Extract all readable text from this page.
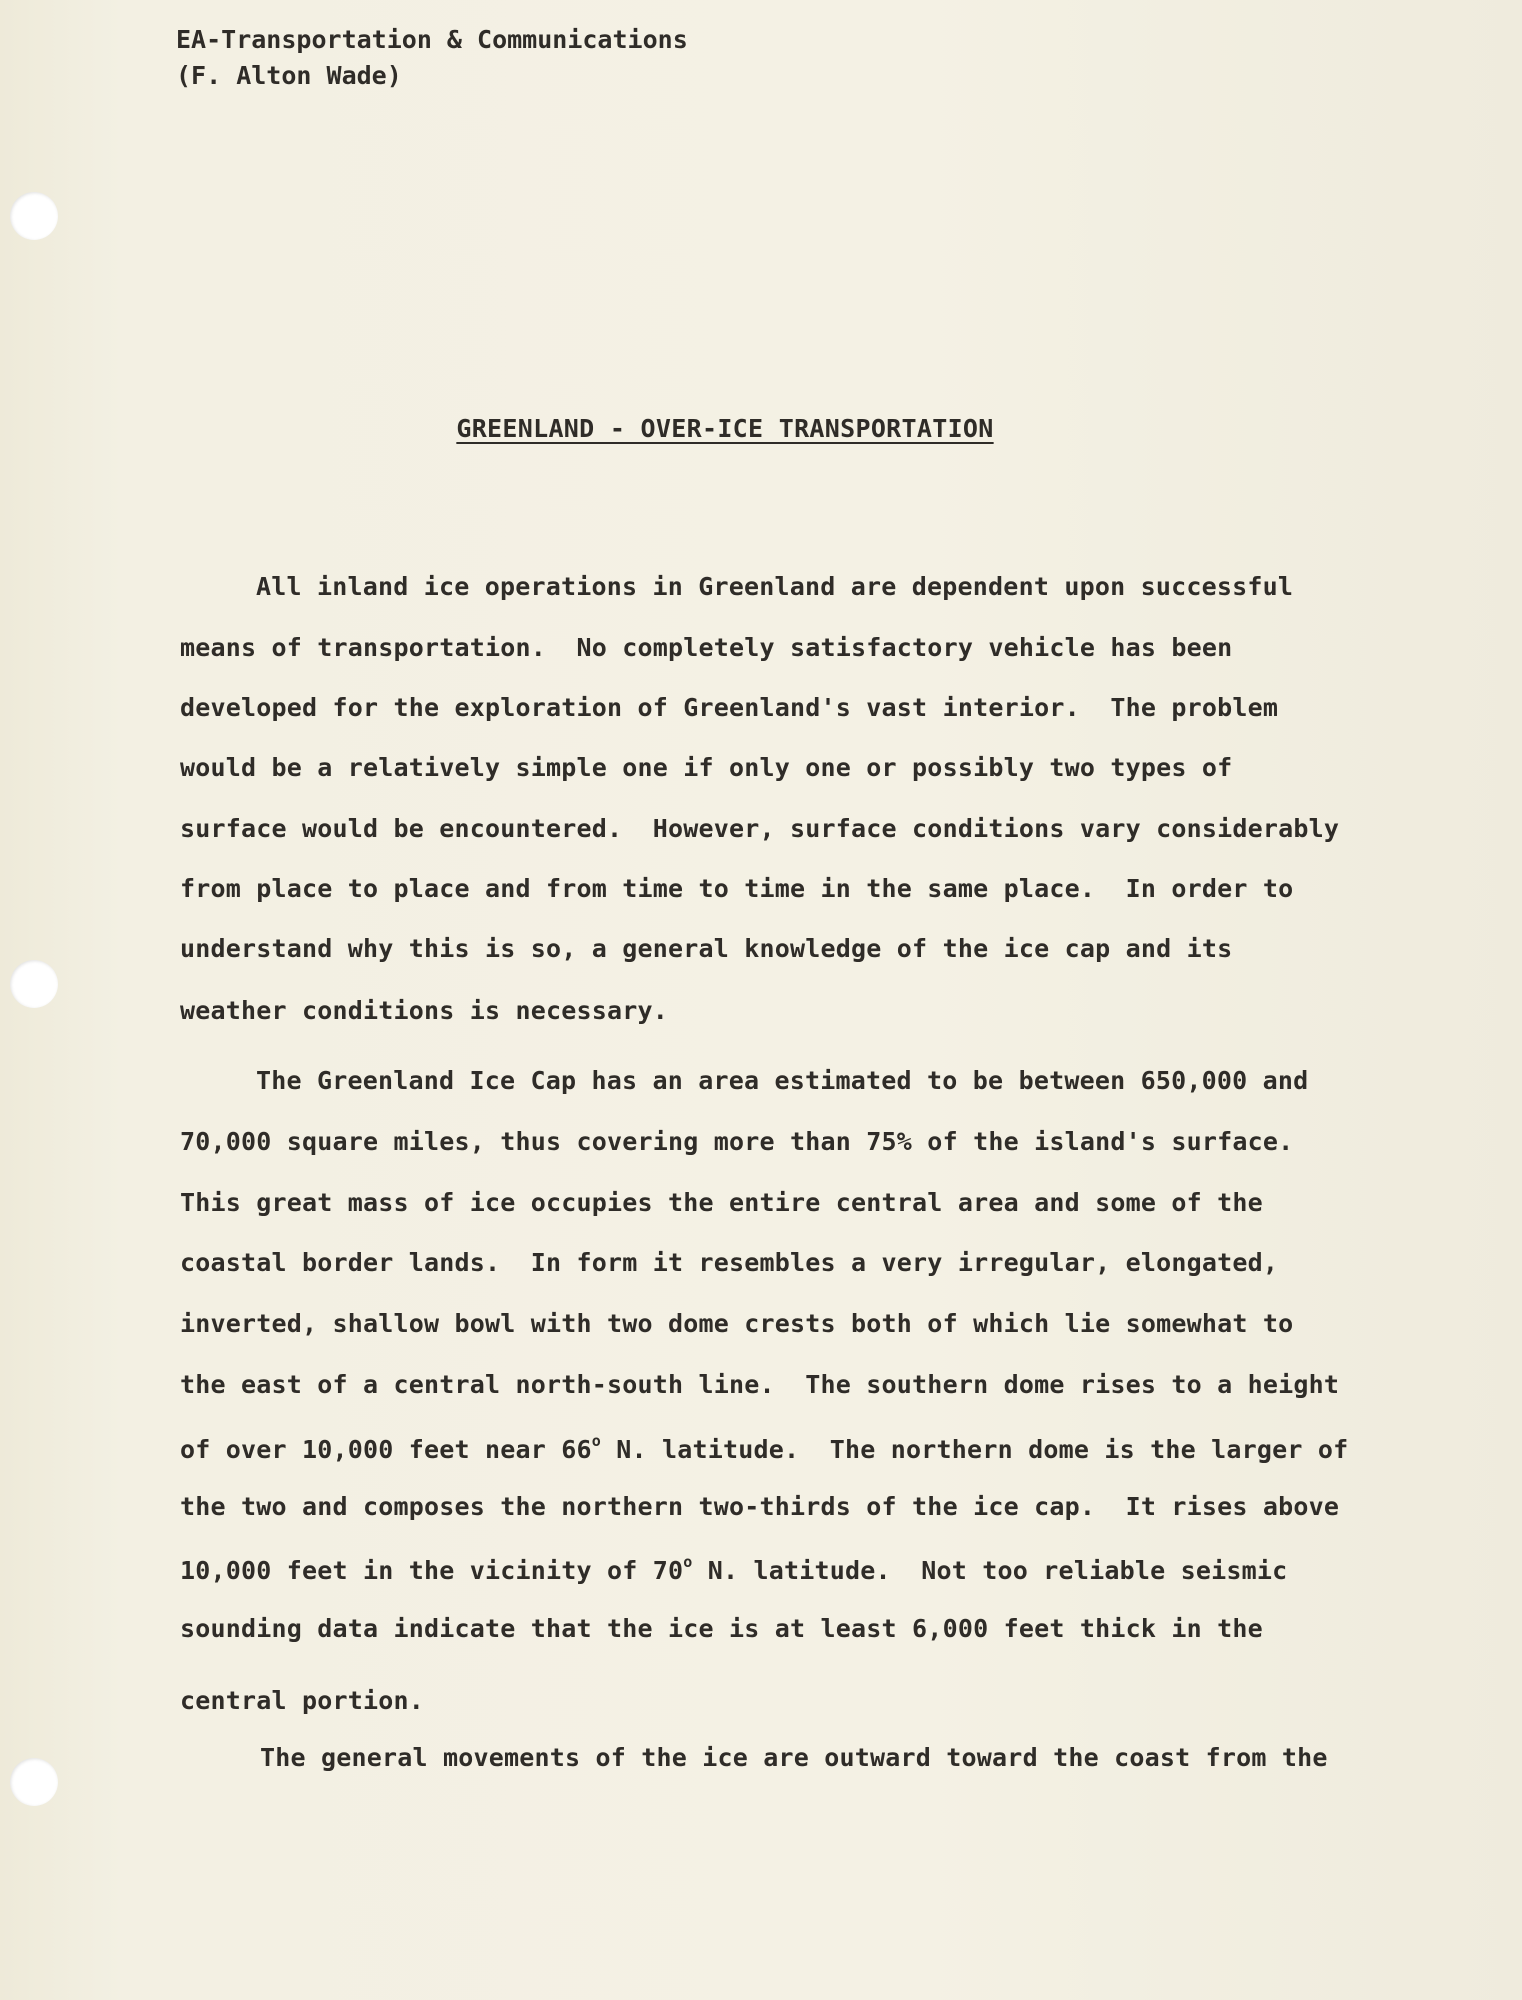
EA-Transportation & Communications
(F. Alton Wade)
GREENLAND - OVER-ICE TRANSPORTATION
All inland ice operations in Greenland are dependent upon successful
means of transportation.  No completely satisfactory vehicle has been
developed for the exploration of Greenland's vast interior.  The problem
would be a relatively simple one if only one or possibly two types of
surface would be encountered.  However, surface conditions vary considerably
from place to place and from time to time in the same place.  In order to
understand why this is so, a general knowledge of the ice cap and its
weather conditions is necessary.
The Greenland Ice Cap has an area estimated to be between 650,000 and
70,000 square miles, thus covering more than 75% of the island's surface.
This great mass of ice occupies the entire central area and some of the
coastal border lands.  In form it resembles a very irregular, elongated,
inverted, shallow bowl with two dome crests both of which lie somewhat to
the east of a central north-south line.  The southern dome rises to a height
of over 10,000 feet near 66$^o$ N. latitude.  The northern dome is the larger of
the two and composes the northern two-thirds of the ice cap.  It rises above
10,000 feet in the vicinity of 70$^o$ N. latitude.  Not too reliable seismic
sounding data indicate that the ice is at least 6,000 feet thick in the
central portion.
The general movements of the ice are outward toward the coast from the
